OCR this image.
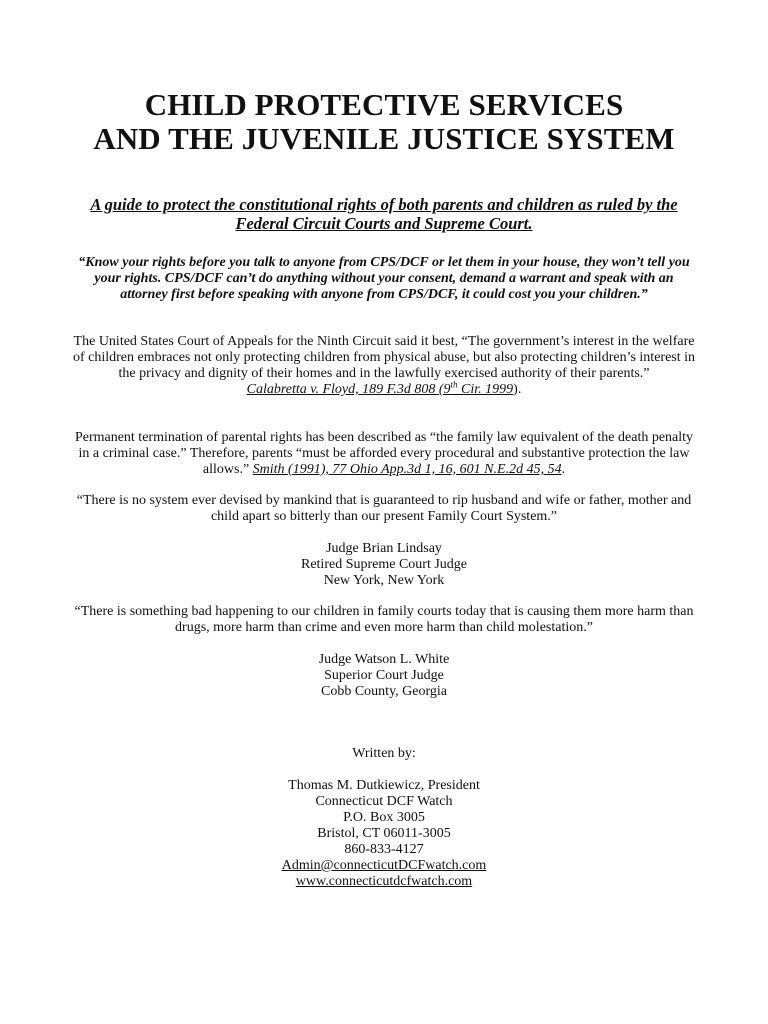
CHILD PROTECTIVE SERVICES
AND THE JUVENILE JUSTICE SYSTEM

A guide to protect the constitutional rights of both parents and children as ruled by the Federal Circuit Courts and Supreme Court.

“Know your rights before you talk to anyone from CPS/DCF or let them in your house, they won’t tell you your rights. CPS/DCF can’t do anything without your consent, demand a warrant and speak with an attorney first before speaking with anyone from CPS/DCF, it could cost you your children.”

The United States Court of Appeals for the Ninth Circuit said it best, “The government’s interest in the welfare of children embraces not only protecting children from physical abuse, but also protecting children’s interest in the privacy and dignity of their homes and in the lawfully exercised authority of their parents.”
Calabretta v. Floyd, 189 F.3d 808 (9th Cir. 1999).

Permanent termination of parental rights has been described as “the family law equivalent of the death penalty in a criminal case.” Therefore, parents “must be afforded every procedural and substantive protection the law allows.” Smith (1991), 77 Ohio App.3d 1, 16, 601 N.E.2d 45, 54.

“There is no system ever devised by mankind that is guaranteed to rip husband and wife or father, mother and child apart so bitterly than our present Family Court System.”

Judge Brian Lindsay
Retired Supreme Court Judge
New York, New York

“There is something bad happening to our children in family courts today that is causing them more harm than drugs, more harm than crime and even more harm than child molestation.”

Judge Watson L. White
Superior Court Judge
Cobb County, Georgia

Written by:

Thomas M. Dutkiewicz, President
Connecticut DCF Watch
P.O. Box 3005
Bristol, CT 06011-3005
860-833-4127
Admin@connecticutDCFwatch.com
www.connecticutdcfwatch.com
